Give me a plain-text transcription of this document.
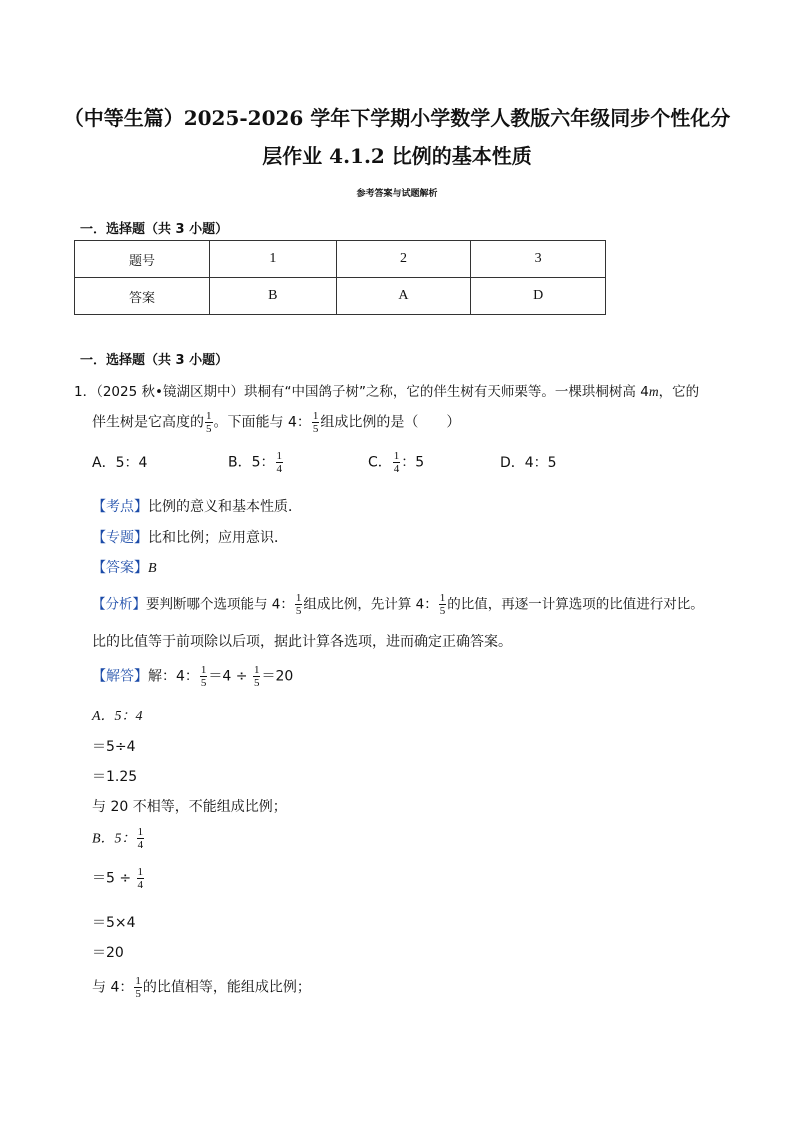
（中等生篇）2025-2026 学年下学期小学数学人教版六年级同步个性化分
层作业 4.1.2 比例的基本性质
参考答案与试题解析
一．选择题（共 3 小题）
题号	1	2	3
答案	B	A	D
一．选择题（共 3 小题）
1．（2025 秋•镜湖区期中）珙桐有“中国鸽子树”之称，它的伴生树有天师栗等。一棵珙桐树高 4m，它的
伴生树是它高度的 $\frac{1}{5}$ 。下面能与 4： $\frac{1}{5}$ 组成比例的是（　　）
A．5：4	B．5： $\frac{1}{4}$	C． $\frac{1}{4}$ ：5	D．4：5
【考点】比例的意义和基本性质．
【专题】比和比例；应用意识．
【答案】B
【分析】要判断哪个选项能与 4： $\frac{1}{5}$ 组成比例，先计算 4： $\frac{1}{5}$ 的比值，再逐一计算选项的比值进行对比。
比的比值等于前项除以后项，据此计算各选项，进而确定正确答案。
【解答】解：4： $\frac{1}{5} =4 \div \frac{1}{5} =20$
A．5：4
＝5÷4
＝1.25
与 20 不相等，不能组成比例；
B．5： $\frac{1}{4}$
$=5 \div \frac{1}{4}$
＝5×4
＝20
与 4： $\frac{1}{5}$ 的比值相等，能组成比例；
